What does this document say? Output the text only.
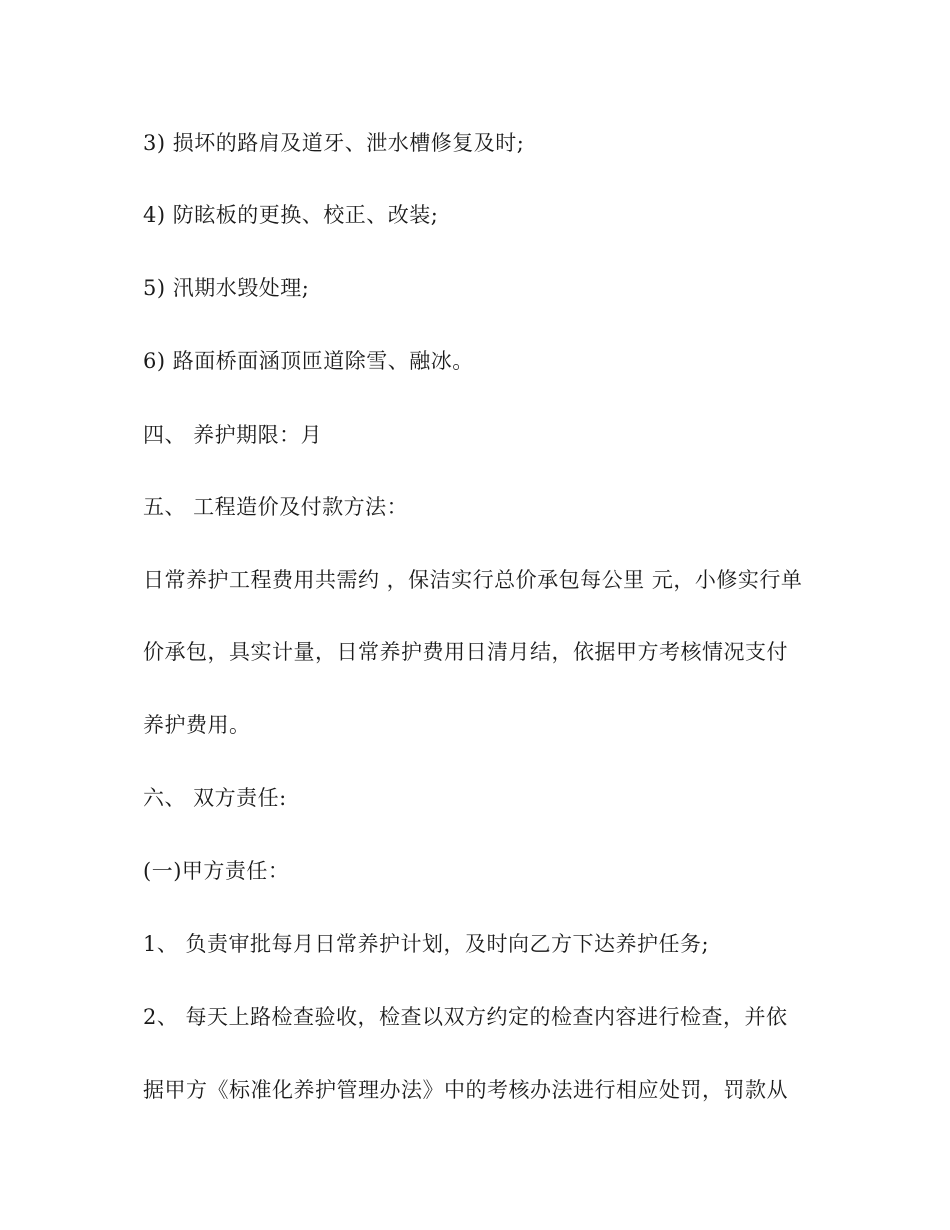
3) 损坏的路肩及道牙、泄水槽修复及时;

4) 防眩板的更换、校正、改装;

5) 汛期水毁处理;

6) 路面桥面涵顶匝道除雪、融冰。

四、 养护期限：月

五、 工程造价及付款方法：

日常养护工程费用共需约 ，保洁实行总价承包每公里 元，小修实行单

价承包，具实计量，日常养护费用日清月结，依据甲方考核情况支付

养护费用。

六、 双方责任:

(一)甲方责任：

1、 负责审批每月日常养护计划，及时向乙方下达养护任务;

2、 每天上路检查验收，检查以双方约定的检查内容进行检查，并依

据甲方《标准化养护管理办法》中的考核办法进行相应处罚，罚款从
